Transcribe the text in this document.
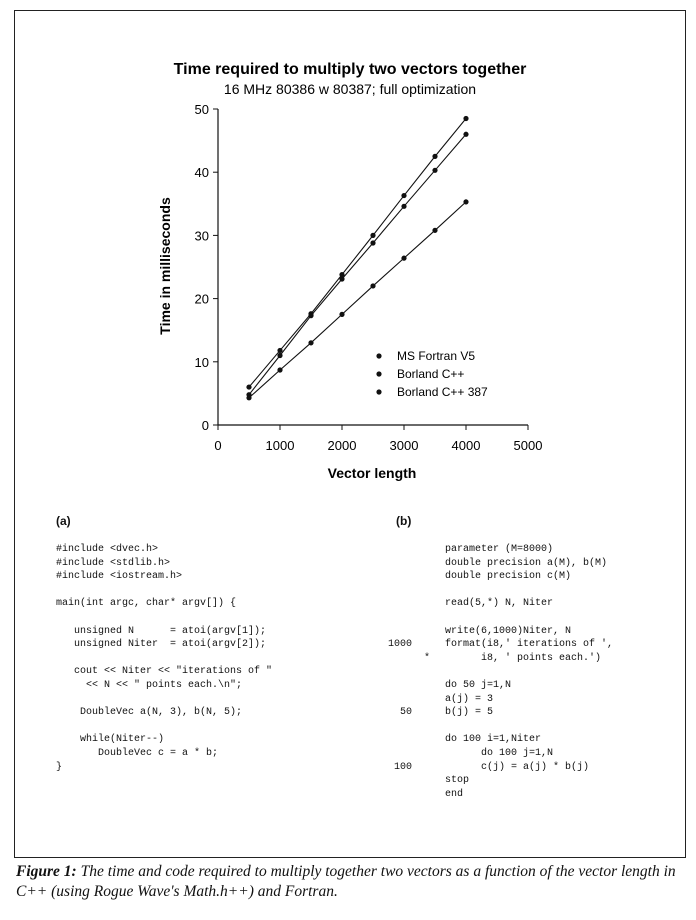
Time required to multiply two vectors together
16 MHz 80386 w 80387; full optimization
0	1000	2000	3000	4000	5000
0
10
20
30
40
50
MS Fortran V5
Borland C++
Borland C++ 387
Vector length
Time in milliseconds
(a)	(b)
#include <dvec.h>
#include <stdlib.h>
#include <iostream.h>
main(int argc, char* argv[]) {
unsigned N      = atoi(argv[1]);
unsigned Niter  = atoi(argv[2]);
cout << Niter << "iterations of "
<< N << " points each.\n";
DoubleVec a(N, 3), b(N, 5);
while(Niter--)
DoubleVec c = a * b;
}
parameter (M=8000)
double precision a(M), b(M)
double precision c(M)
read(5,*) N, Niter
write(6,1000)Niter, N
format(i8,' iterations of ',
i8, ' points each.')
do 50 j=1,N
a(j) = 3
b(j) = 5
do 100 i=1,Niter
do 100 j=1,N
c(j) = a(j) * b(j)
stop
end
1000
*
50
100
Figure 1: The time and code required to multiply together two vectors as a function of the vector length in C++ (using Rogue Wave's Math.h++) and Fortran.
